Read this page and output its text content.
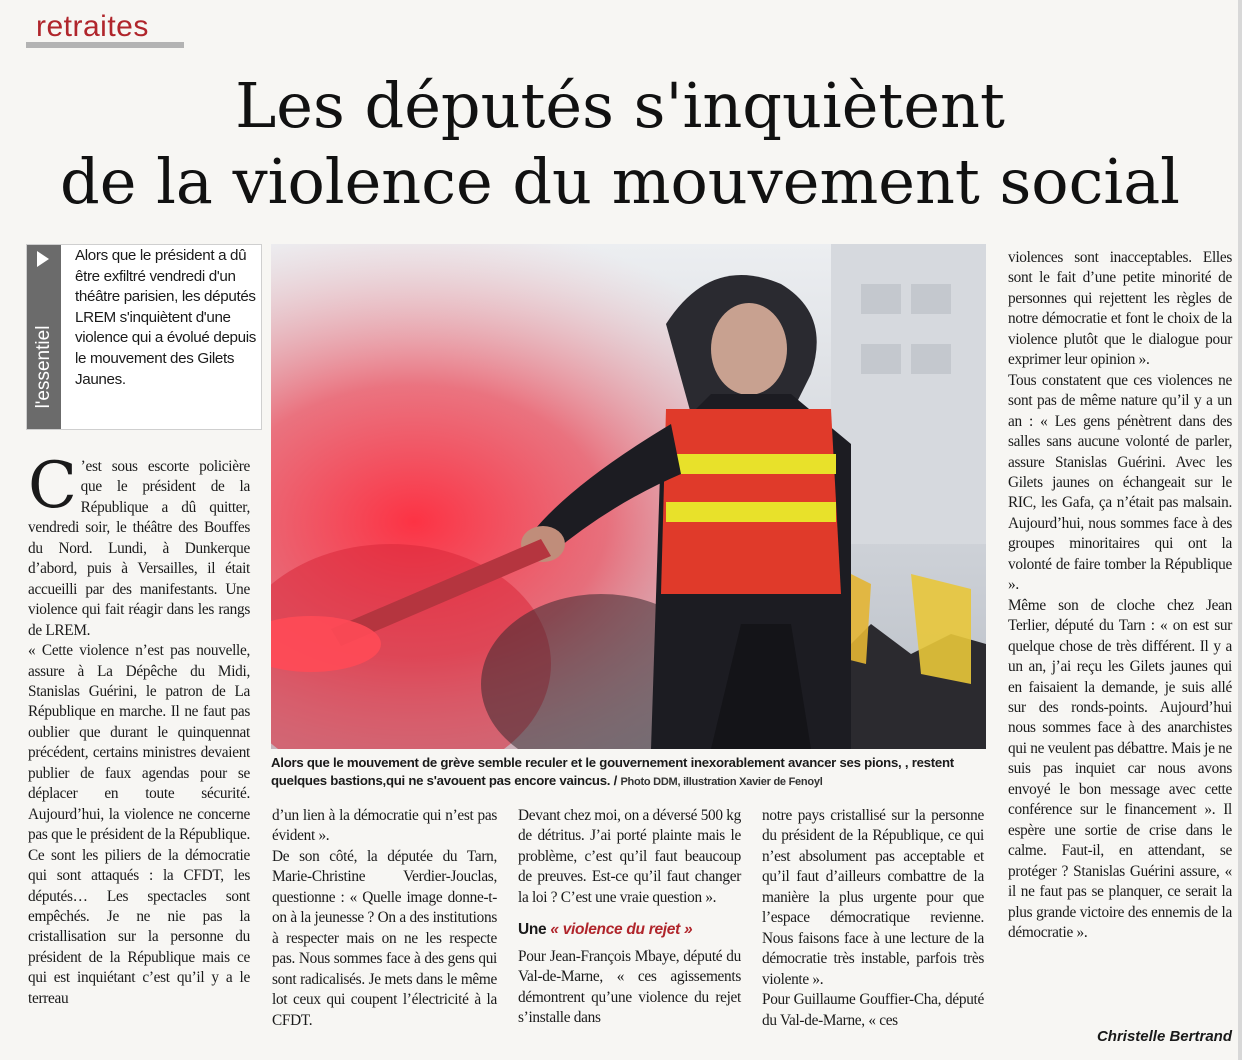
retraites
Les députés s'inquiètent
de la violence du mouvement social
l'essentiel
Alors que le président a dû être exfiltré vendredi d'un théâtre parisien, les députés LREM s'inquiètent d'une violence qui a évolué depuis le mouvement des Gilets Jaunes.
Alors que le mouvement de grève semble reculer et le gouvernement inexorablement avancer ses pions, , restent quelques bastions,qui ne s'avouent pas encore vaincus. / Photo DDM, illustration Xavier de Fenoyl

C ’est sous escorte policière que le président de la République a dû quitter, vendredi soir, le théâtre des Bouffes du Nord. Lundi, à Dunkerque d’abord, puis à Versailles, il était accueilli par des manifestants. Une violence qui fait réagir dans les rangs de LREM.

« Cette violence n’est pas nouvelle, assure à La Dépêche du Midi, Stanislas Guérini, le patron de La République en marche. Il ne faut pas oublier que durant le quinquennat précédent, certains ministres devaient publier de faux agendas pour se déplacer en toute sécurité. Aujourd’hui, la violence ne concerne pas que le président de la République. Ce sont les piliers de la démocratie qui sont attaqués : la CFDT, les députés… Les spectacles sont empêchés. Je ne nie pas la cristallisation sur la personne du président de la République mais ce qui est inquiétant c’est qu’il y a le terreau

d’un lien à la démocratie qui n’est pas évident ».

De son côté, la députée du Tarn, Marie-Christine Verdier-Jouclas, questionne : « Quelle image donne-t-on à la jeunesse ? On a des institutions à respecter mais on ne les respecte pas. Nous sommes face à des gens qui sont radicalisés. Je mets dans le même lot ceux qui coupent l’électricité à la CFDT.

Devant chez moi, on a déversé 500 kg de détritus. J’ai porté plainte mais le problème, c’est qu’il faut beaucoup de preuves. Est-ce qu’il faut changer la loi ? C’est une vraie question ».

Une « violence du rejet »

Pour Jean-François Mbaye, député du Val-de-Marne, « ces agissements démontrent qu’une violence du rejet s’installe dans

notre pays cristallisé sur la personne du président de la République, ce qui n’est absolument pas acceptable et qu’il faut d’ailleurs combattre de la manière la plus urgente pour que l’espace démocratique revienne. Nous faisons face à une lecture de la démocratie très instable, parfois très violente ».

Pour Guillaume Gouffier-Cha, député du Val-de-Marne, « ces

violences sont inacceptables. Elles sont le fait d’une petite minorité de personnes qui rejettent les règles de notre démocratie et font le choix de la violence plutôt que le dialogue pour exprimer leur opinion ».

Tous constatent que ces violences ne sont pas de même nature qu’il y a un an : « Les gens pénètrent dans des salles sans aucune volonté de parler, assure Stanislas Guérini. Avec les Gilets jaunes on échangeait sur le RIC, les Gafa, ça n’était pas malsain. Aujourd’hui, nous sommes face à des groupes minoritaires qui ont la volonté de faire tomber la République ».

Même son de cloche chez Jean Terlier, député du Tarn : « on est sur quelque chose de très différent. Il y a un an, j’ai reçu les Gilets jaunes qui en faisaient la demande, je suis allé sur des ronds-points. Aujourd’hui nous sommes face à des anarchistes qui ne veulent pas débattre. Mais je ne suis pas inquiet car nous avons envoyé le bon message avec cette conférence sur le financement ». Il espère une sortie de crise dans le calme. Faut-il, en attendant, se protéger ? Stanislas Guérini assure, « il ne faut pas se planquer, ce serait la plus grande victoire des ennemis de la démocratie ».

Christelle Bertrand
